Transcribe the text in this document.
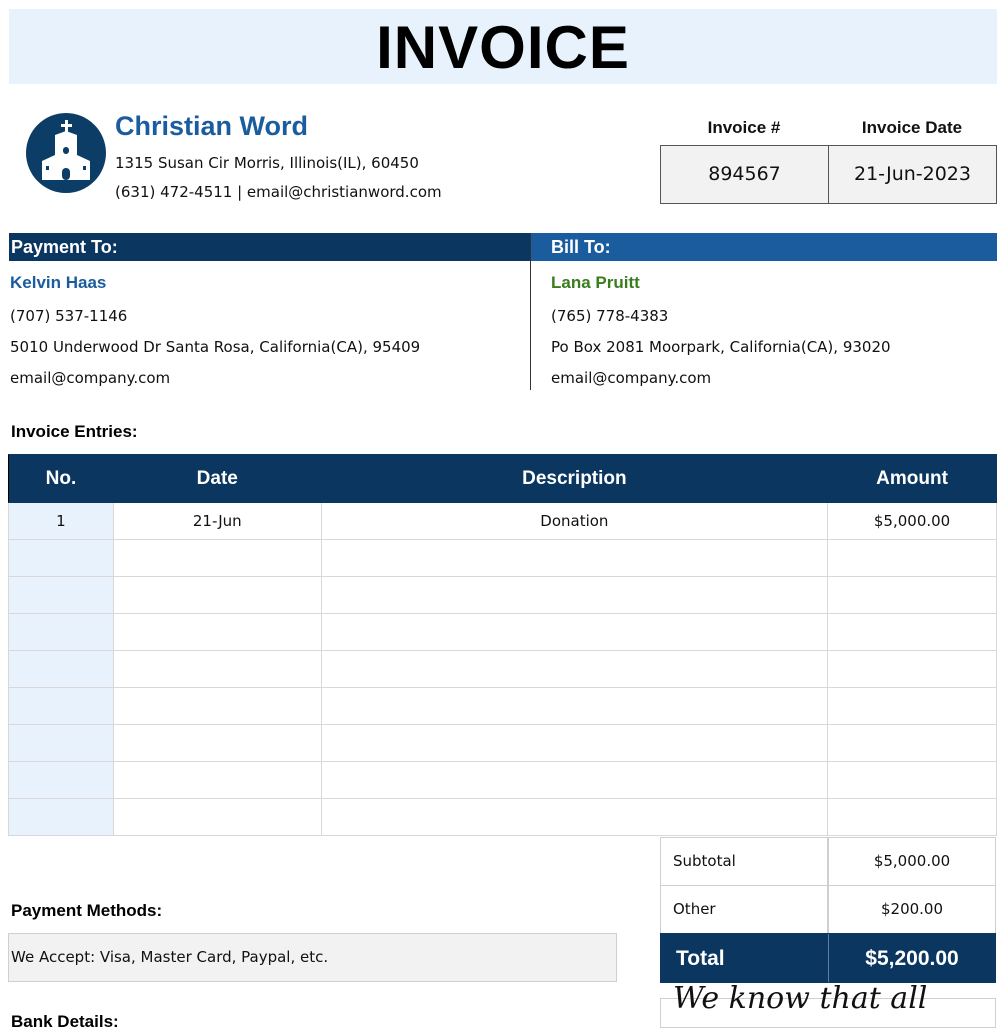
INVOICE
Christian Word
1315 Susan Cir Morris, Illinois(IL), 60450
(631) 472-4511 | email@christianword.com
Invoice #	Invoice Date
894567	21-Jun-2023
Payment To:	Bill To:
Kelvin Haas
(707) 537-1146
5010 Underwood Dr Santa Rosa, California(CA), 95409
email@company.com
Lana Pruitt
(765) 778-4383
Po Box 2081 Moorpark, California(CA), 93020
email@company.com
Invoice Entries:
No.	Date	Description	Amount
1	21-Jun	Donation	$5,000.00

Subtotal	$5,000.00
Other	$200.00
Total	$5,200.00
Payment Methods:
We Accept: Visa, Master Card, Paypal, etc.
Bank Details:
We know that all
